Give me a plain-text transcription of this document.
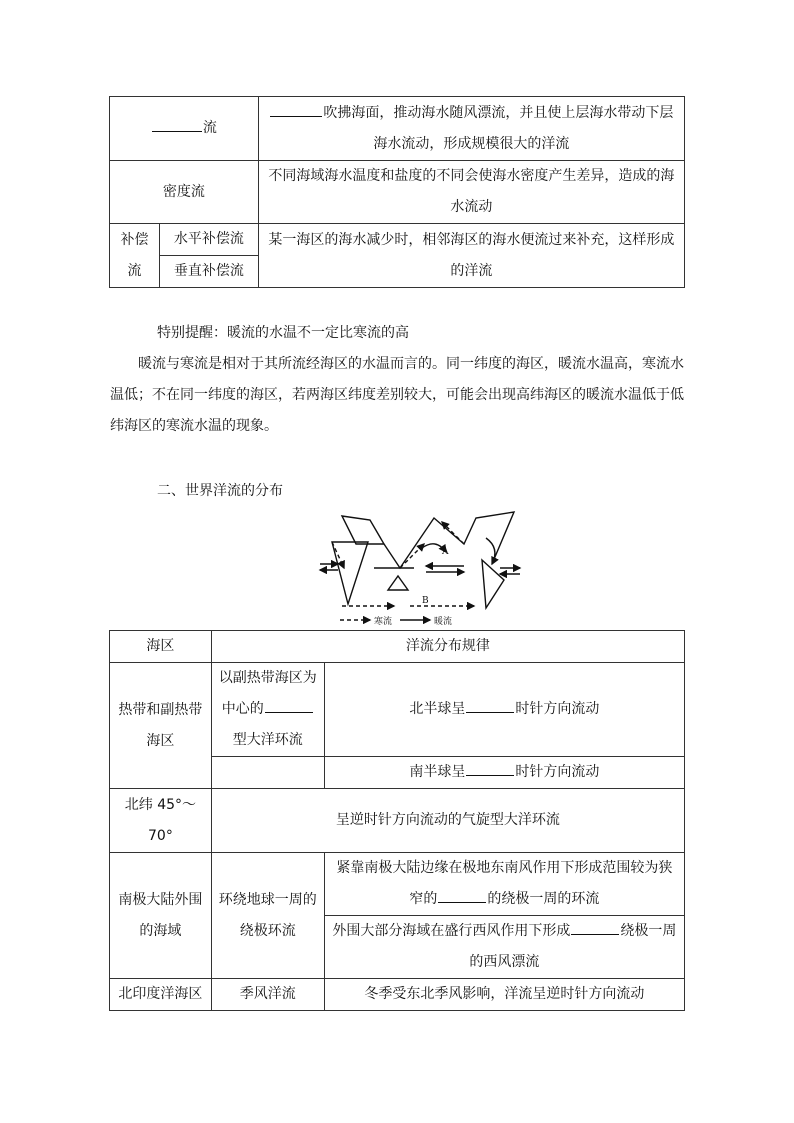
流		吹拂海面，推动海水随风漂流，并且使上层海水带动下层海水流动，形成规模很大的洋流
密度流		不同海域海水温度和盐度的不同会使海水密度产生差异，造成的海水流动
补偿流	水平补偿流	某一海区的海水减少时，相邻海区的海水便流过来补充，这样形成的洋流
	垂直补偿流	
特别提醒：暖流的水温不一定比寒流的高
暖流与寒流是相对于其所流经海区的水温而言的。同一纬度的海区，暖流水温高，寒流水温低；不在同一纬度的海区，若两海区纬度差别较大，可能会出现高纬海区的暖流水温低于低纬海区的寒流水温的现象。
二、世界洋流的分布
A
B
寒流	暖流
海区	洋流分布规律	
热带和副热带海区	以副热带海区为中心的型大洋环流	北半球呈 时针方向流动
		南半球呈 时针方向流动
北纬 45°～70°	呈逆时针方向流动的气旋型大洋环流	
南极大陆外围的海域	环绕地球一周的绕极环流	紧靠南极大陆边缘在极地东南风作用下形成范围较为狭窄的 的绕极一周的环流
		外围大部分海域在盛行西风作用下形成 绕极一周的西风漂流
北印度洋海区	季风洋流	冬季受东北季风影响，洋流呈逆时针方向流动
